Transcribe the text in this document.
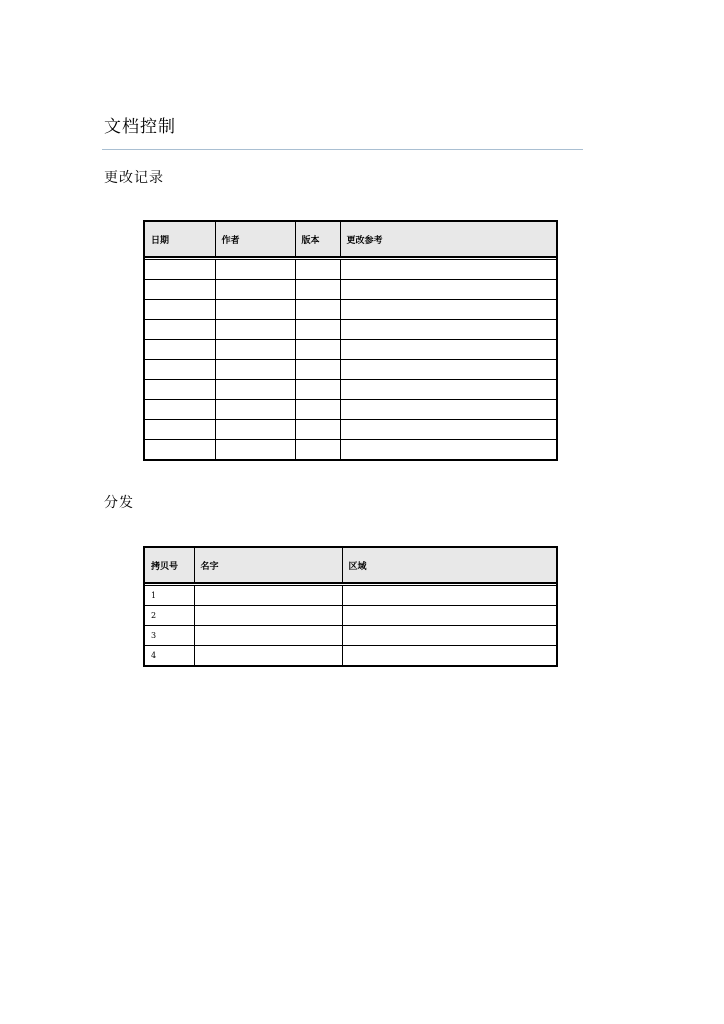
文档控制
更改记录
日期	作者	版本	更改参考

分发
拷贝号	名字	区域

1		
2		
3		
4		
